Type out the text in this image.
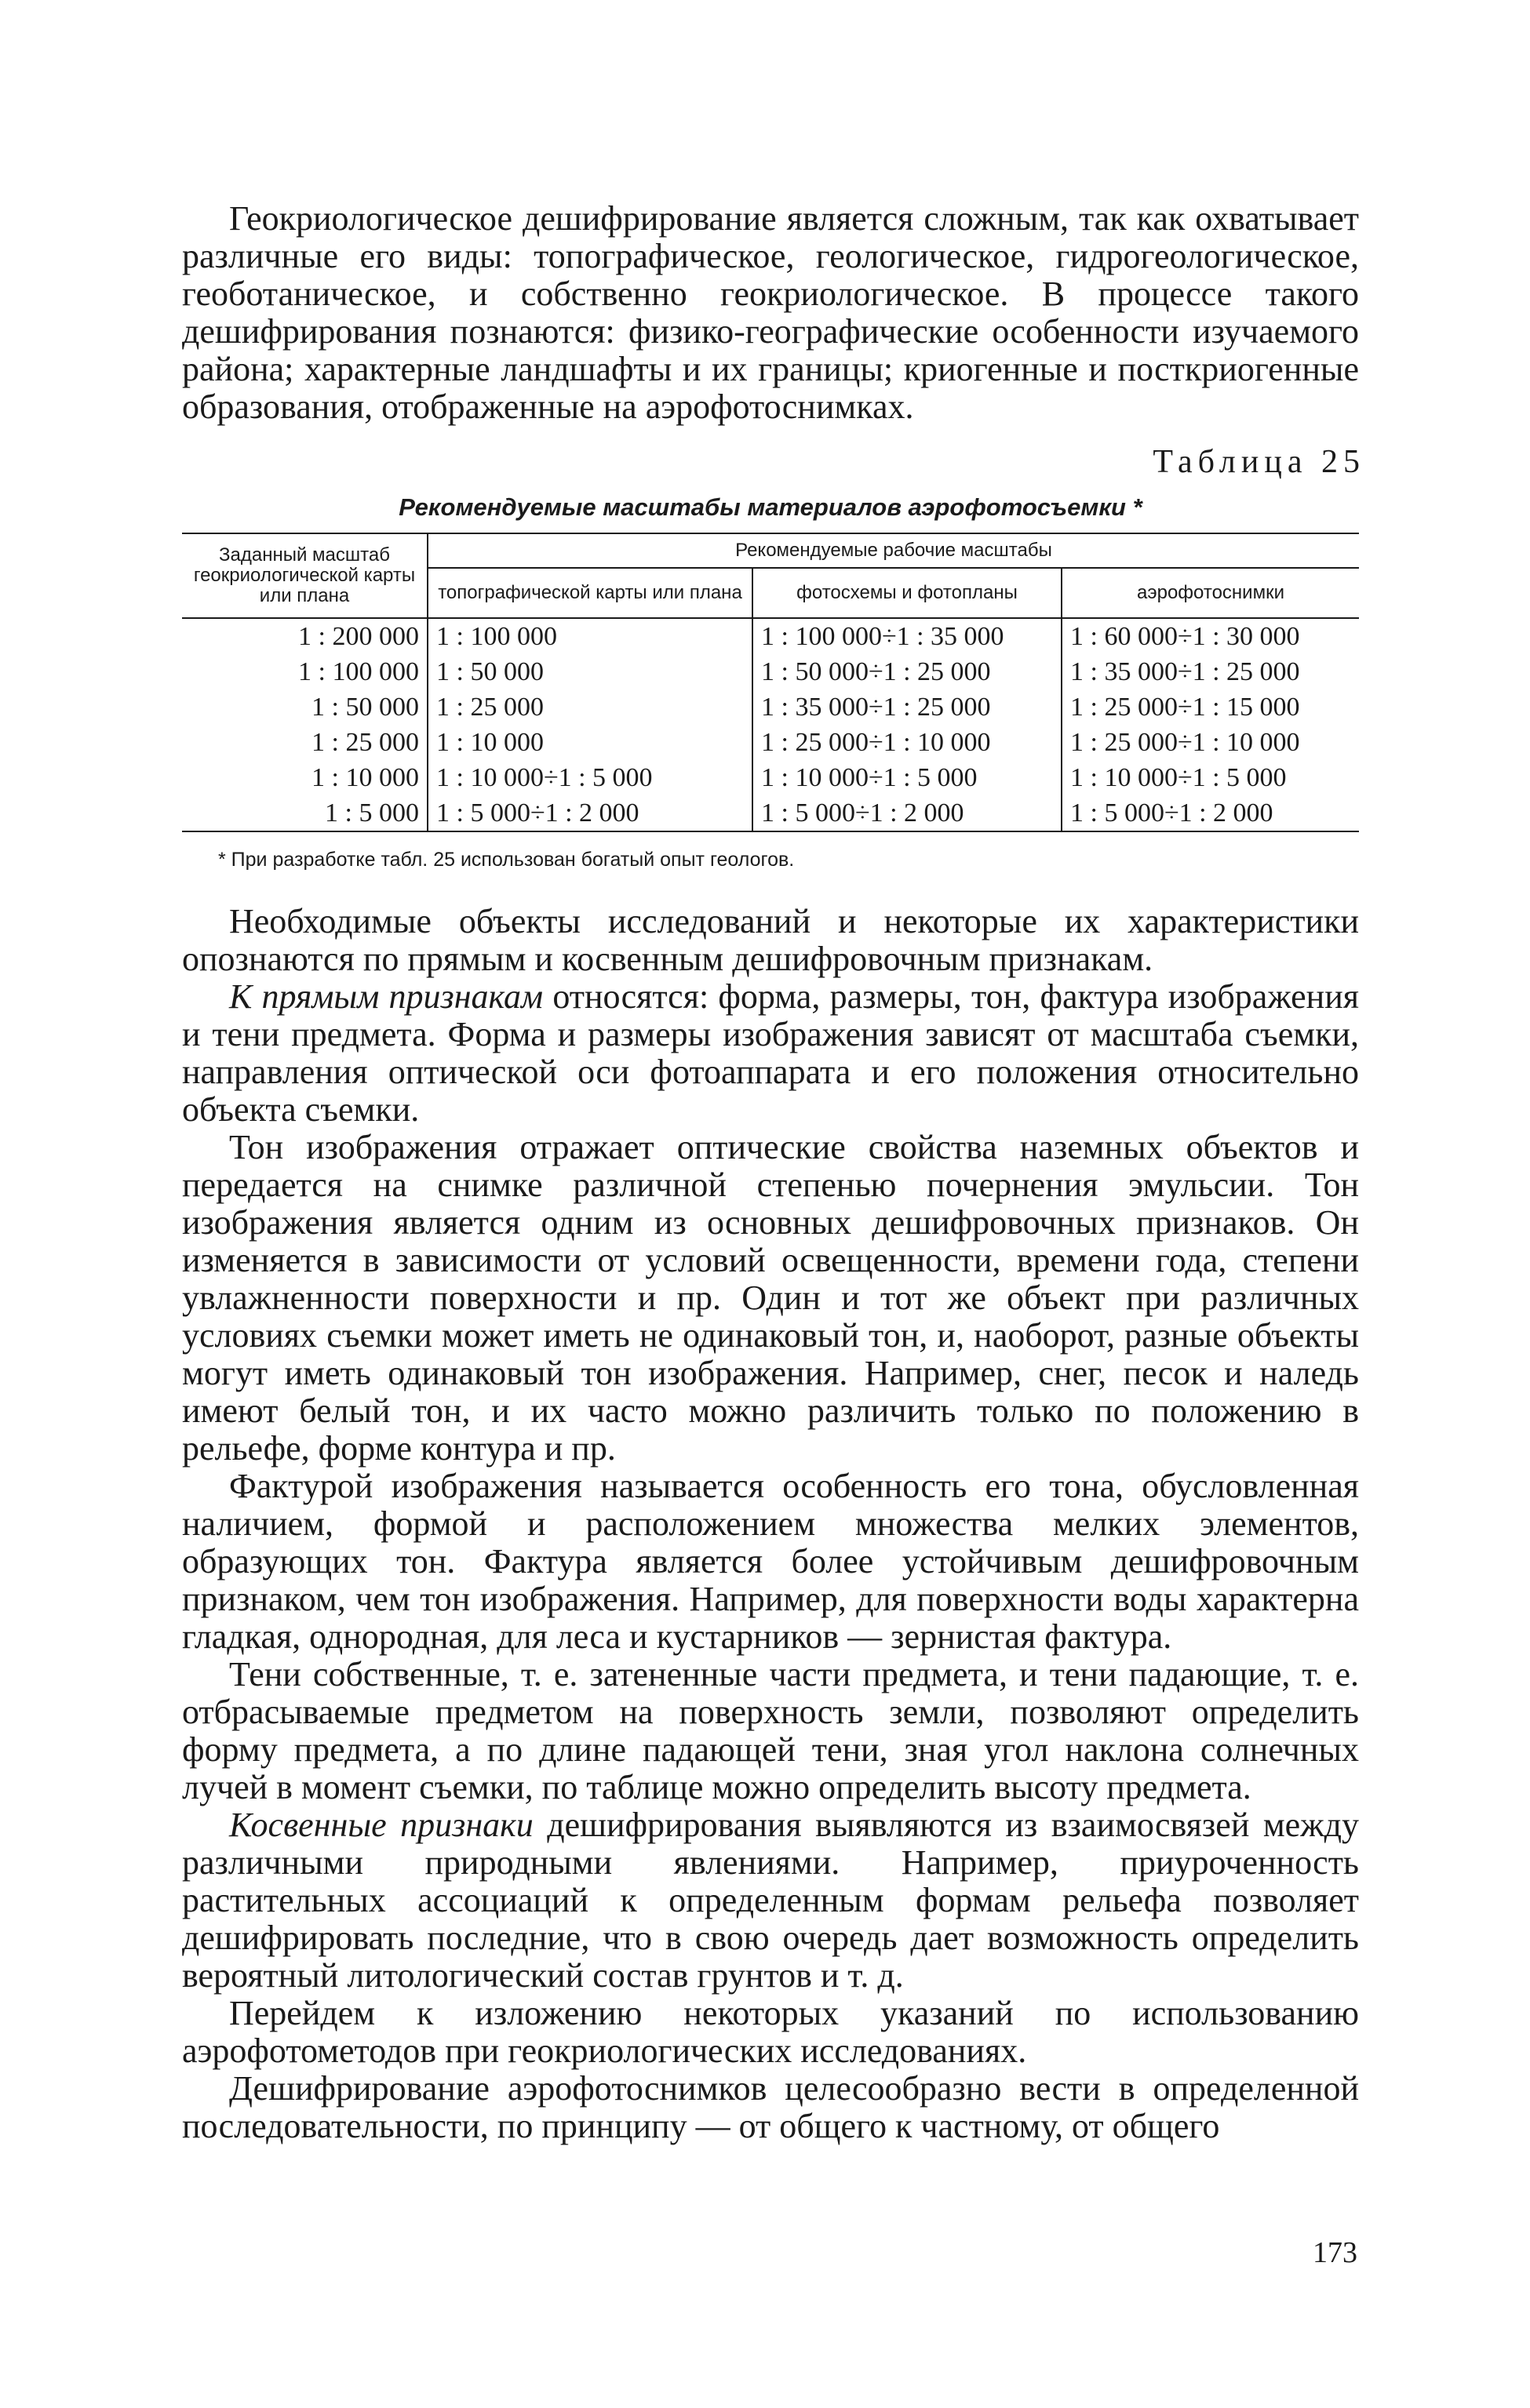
Геокриологическое дешифрирование является сложным, так как охватывает различные его виды: топографическое, геологическое, гидрогеологическое, геоботаническое, и собственно геокриологическое. В процессе такого дешифрирования познаются: физико-географические особенности изучаемого района; характерные ландшафты и их границы; криогенные и посткриогенные образования, отображенные на аэрофотоснимках.

Таблица 25
Рекомендуемые масштабы материалов аэрофотосъемки *
Заданный масштаб геокриологической карты или плана	Рекомендуемые рабочие масштабы		
	топографической карты или плана	фотосхемы и фотопланы	аэрофотоснимки
1 : 200 000	1 : 100 000	1 : 100 000÷1 : 35 000	1 : 60 000÷1 : 30 000
1 : 100 000	1 : 50 000	1 : 50 000÷1 : 25 000	1 : 35 000÷1 : 25 000
1 : 50 000	1 : 25 000	1 : 35 000÷1 : 25 000	1 : 25 000÷1 : 15 000
1 : 25 000	1 : 10 000	1 : 25 000÷1 : 10 000	1 : 25 000÷1 : 10 000
1 : 10 000	1 : 10 000÷1 : 5 000	1 : 10 000÷1 : 5 000	1 : 10 000÷1 : 5 000
1 : 5 000	1 : 5 000÷1 : 2 000	1 : 5 000÷1 : 2 000	1 : 5 000÷1 : 2 000
* При разработке табл. 25 использован богатый опыт геологов.

Необходимые объекты исследований и некоторые их характеристики опознаются по прямым и косвенным дешифровочным признакам.

К прямым признакам относятся: форма, размеры, тон, фактура изображения и тени предмета. Форма и размеры изображения зависят от масштаба съемки, направления оптической оси фотоаппарата и его положения относительно объекта съемки.

Тон изображения отражает оптические свойства наземных объектов и передается на снимке различной степенью почернения эмульсии. Тон изображения является одним из основных дешифровочных признаков. Он изменяется в зависимости от условий освещенности, времени года, степени увлажненности поверхности и пр. Один и тот же объект при различных условиях съемки может иметь не одинаковый тон, и, наоборот, разные объекты могут иметь одинаковый тон изображения. Например, снег, песок и наледь имеют белый тон, и их часто можно различить только по положению в рельефе, форме контура и пр.

Фактурой изображения называется особенность его тона, обусловленная наличием, формой и расположением множества мелких элементов, образующих тон. Фактура является более устойчивым дешифровочным признаком, чем тон изображения. Например, для поверхности воды характерна гладкая, однородная, для леса и кустарников — зернистая фактура.

Тени собственные, т. е. затененные части предмета, и тени падающие, т. е. отбрасываемые предметом на поверхность земли, позволяют определить форму предмета, а по длине падающей тени, зная угол наклона солнечных лучей в момент съемки, по таблице можно определить высоту предмета.

Косвенные признаки дешифрирования выявляются из взаимосвязей между различными природными явлениями. Например, приуроченность растительных ассоциаций к определенным формам рельефа позволяет дешифрировать последние, что в свою очередь дает возможность определить вероятный литологический состав грунтов и т. д.

Перейдем к изложению некоторых указаний по использованию аэрофотометодов при геокриологических исследованиях.

Дешифрирование аэрофотоснимков целесообразно вести в определенной последовательности, по принципу — от общего к частному, от общего

173
